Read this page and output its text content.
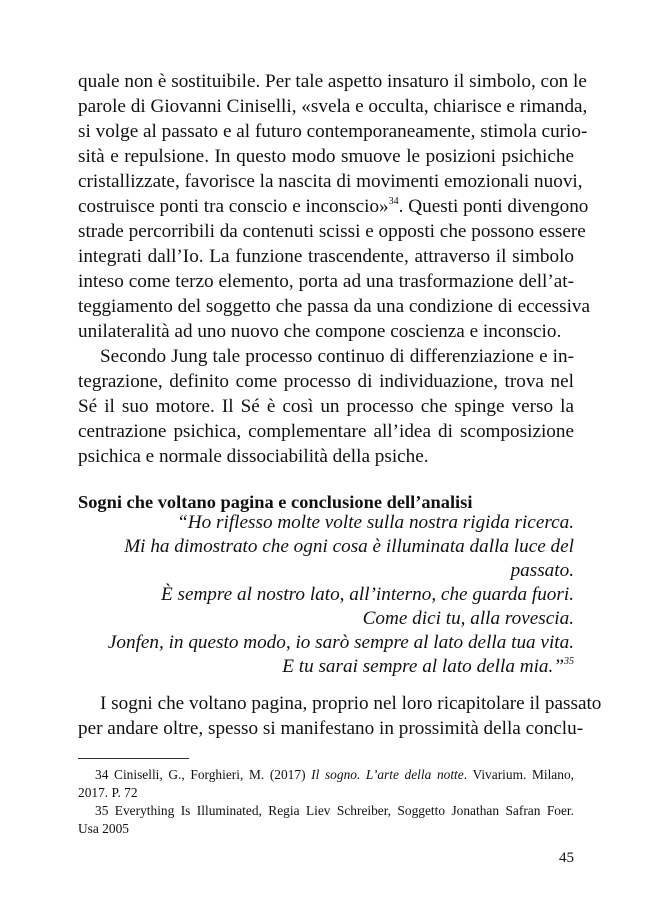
quale non è sostituibile. Per tale aspetto insaturo il simbolo, con le
parole di Giovanni Ciniselli, «svela e occulta, chiarisce e rimanda,
si volge al passato e al futuro contemporaneamente, stimola curio-
sità e repulsione. In questo modo smuove le posizioni psichiche
cristallizzate, favorisce la nascita di movimenti emozionali nuovi,
costruisce ponti tra conscio e inconscio»$^{34}$. Questi ponti divengono
strade percorribili da contenuti scissi e opposti che possono essere
integrati dall’Io. La funzione trascendente, attraverso il simbolo
inteso come terzo elemento, porta ad una trasformazione dell’at-
teggiamento del soggetto che passa da una condizione di eccessiva
unilateralità ad uno nuovo che compone coscienza e inconscio.
Secondo Jung tale processo continuo di differenziazione e in-
tegrazione, definito come processo di individuazione, trova nel
Sé il suo motore. Il Sé è così un processo che spinge verso la
centrazione psichica, complementare all’idea di scomposizione
psichica e normale dissociabilità della psiche.
Sogni che voltano pagina e conclusione dell’analisi
“Ho riflesso molte volte sulla nostra rigida ricerca.
Mi ha dimostrato che ogni cosa è illuminata dalla luce del
passato.
È sempre al nostro lato, all’interno, che guarda fuori.
Come dici tu, alla rovescia.
Jonfen, in questo modo, io sarò sempre al lato della tua vita.
E tu sarai sempre al lato della mia.”$^{35}$
I sogni che voltano pagina, proprio nel loro ricapitolare il passato
per andare oltre, spesso si manifestano in prossimità della conclu-
34 Ciniselli, G., Forghieri, M. (2017) Il sogno. L’arte della notte. Vivarium. Milano,
2017. P. 72
35 Everything Is Illuminated, Regia Liev Schreiber, Soggetto Jonathan Safran Foer.
Usa 2005
45
